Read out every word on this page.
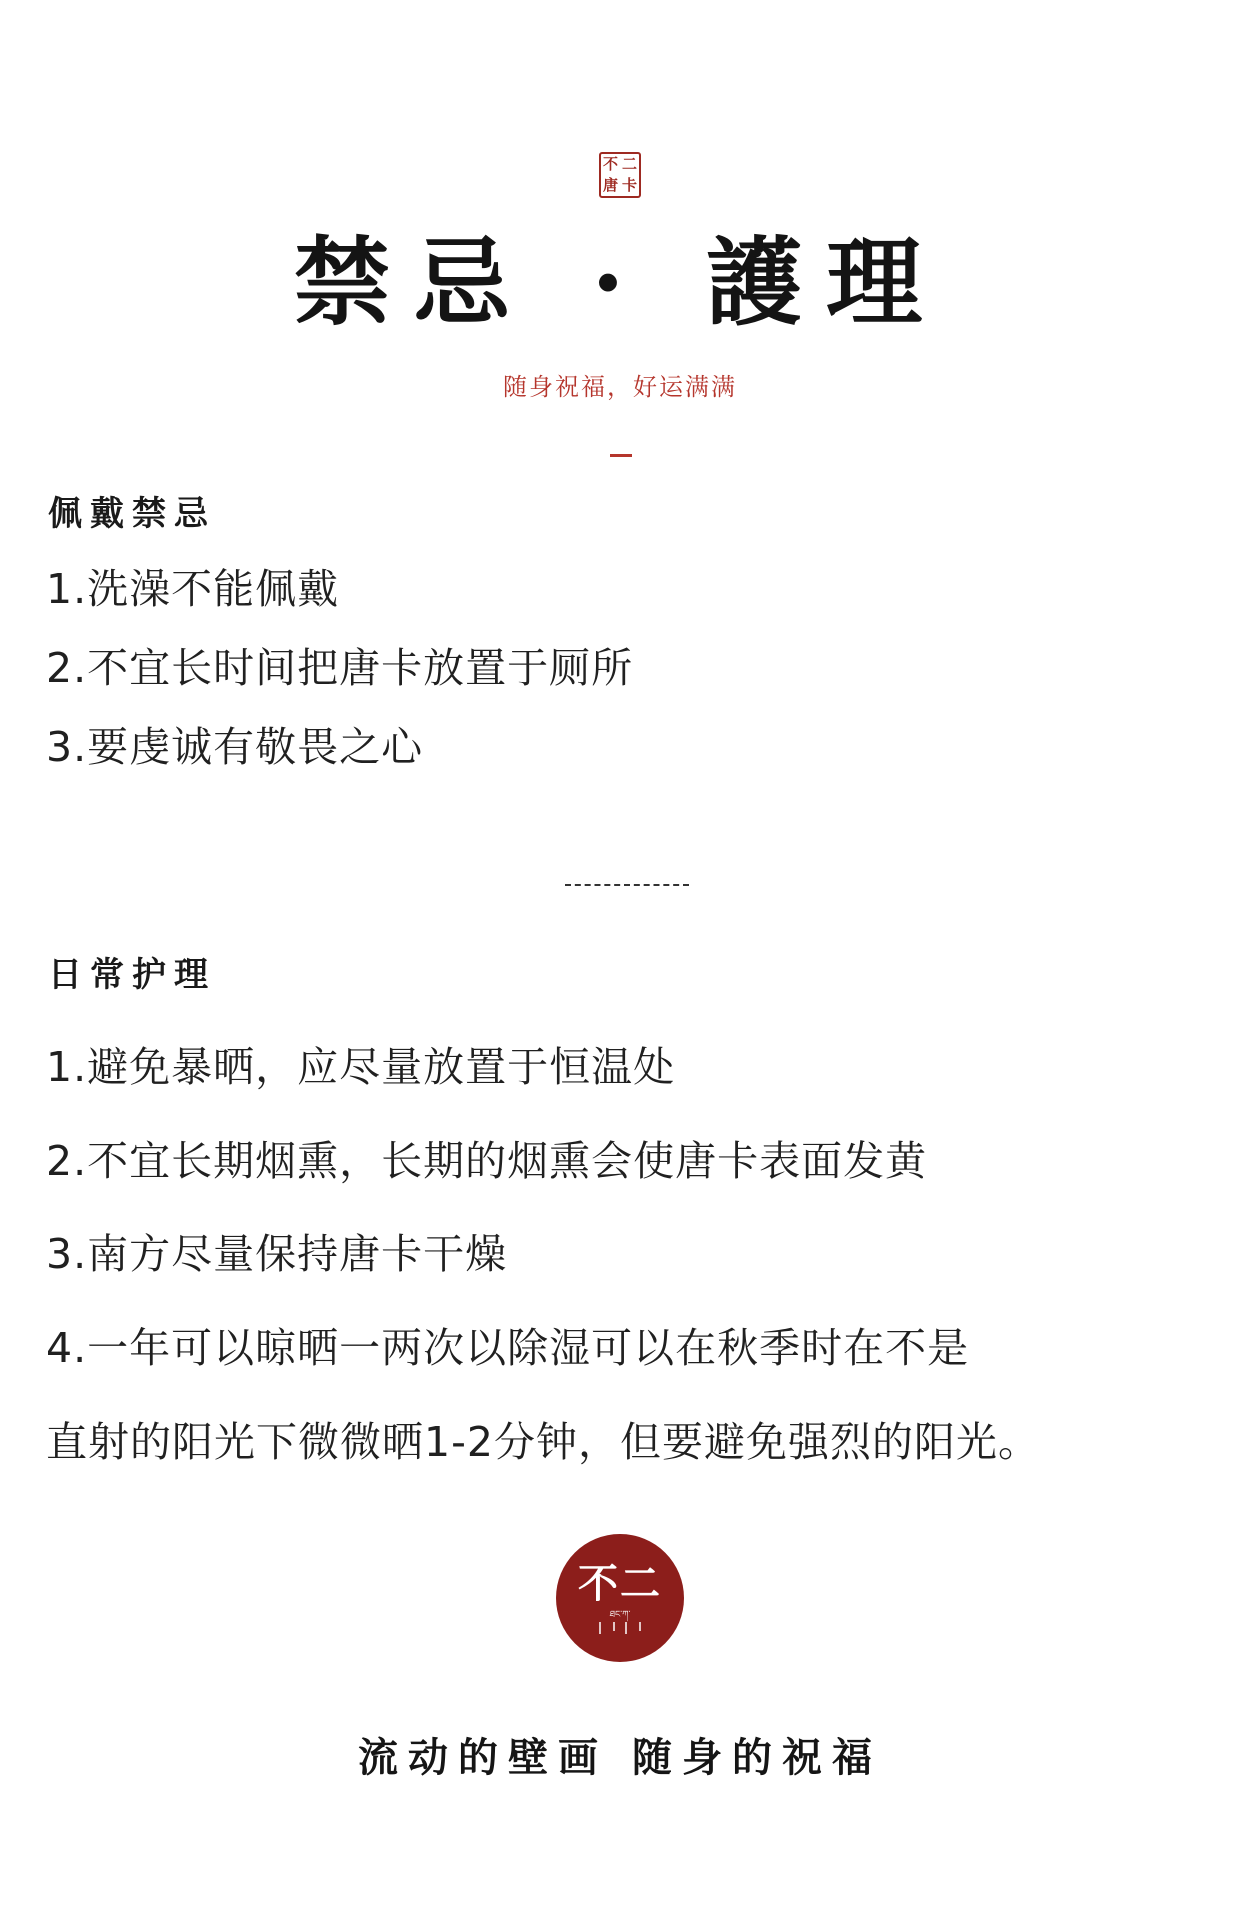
不 二
唐 卡
禁忌 · 護理
随身祝福，好运满满
佩戴禁忌
1.洗澡不能佩戴
2.不宜长时间把唐卡放置于厕所
3.要虔诚有敬畏之心
日常护理
1.避免暴晒，应尽量放置于恒温处
2.不宜长期烟熏，长期的烟熏会使唐卡表面发黄
3.南方尽量保持唐卡干燥
4.一年可以晾晒一两次以除湿可以在秋季时在不是
直射的阳光下微微晒1-2分钟，但要避免强烈的阳光。
不二
ཐང་ཀ་
流动的壁画 随身的祝福
